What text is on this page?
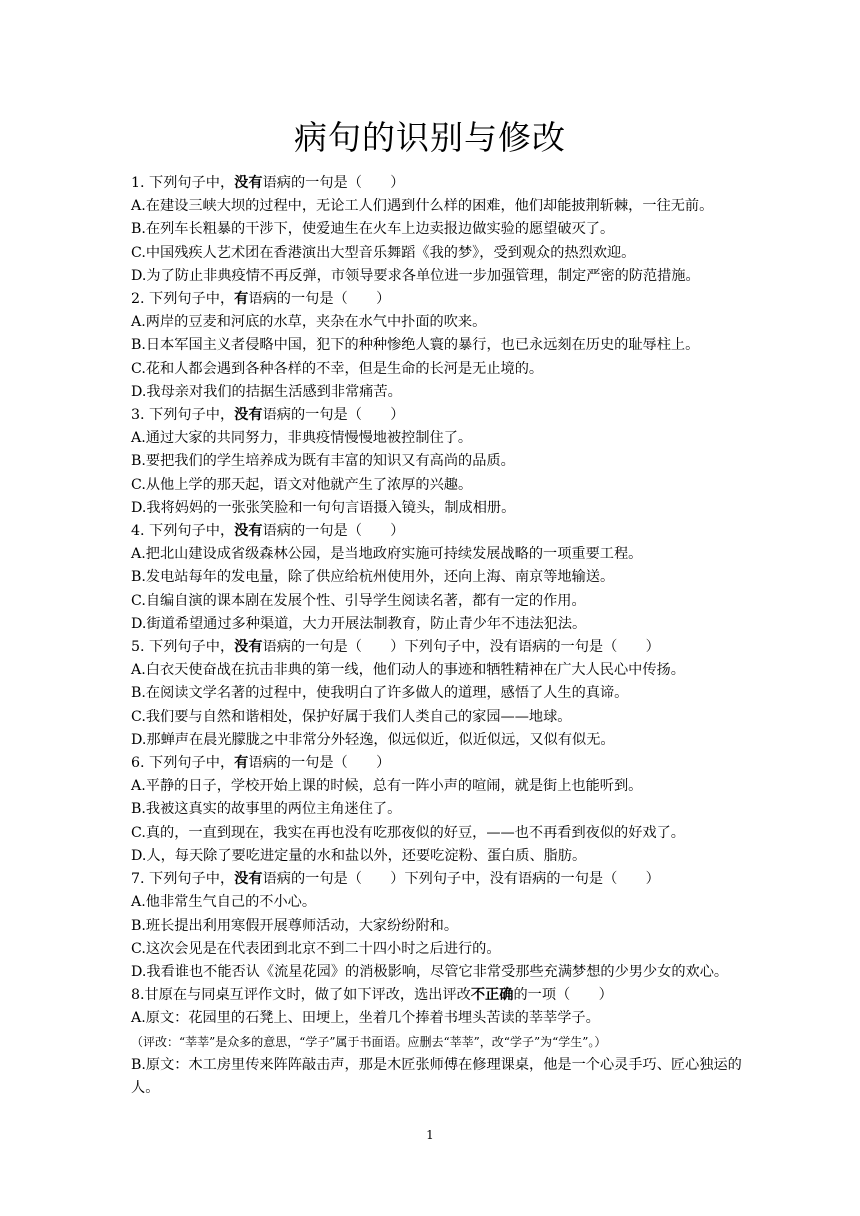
病句的识别与修改
1. 下列句子中，没有语病的一句是（　　）
A.在建设三峡大坝的过程中，无论工人们遇到什么样的困难，他们却能披荆斩棘，一往无前。
B.在列车长粗暴的干涉下，使爱迪生在火车上边卖报边做实验的愿望破灭了。
C.中国残疾人艺术团在香港演出大型音乐舞蹈《我的梦》，受到观众的热烈欢迎。
D.为了防止非典疫情不再反弹，市领导要求各单位进一步加强管理，制定严密的防范措施。
2. 下列句子中，有语病的一句是（　　）
A.两岸的豆麦和河底的水草，夹杂在水气中扑面的吹来。
B.日本军国主义者侵略中国，犯下的种种惨绝人寰的暴行，也已永远刻在历史的耻辱柱上。
C.花和人都会遇到各种各样的不幸，但是生命的长河是无止境的。
D.我母亲对我们的拮据生活感到非常痛苦。
3. 下列句子中，没有语病的一句是（　　）
A.通过大家的共同努力，非典疫情慢慢地被控制住了。
B.要把我们的学生培养成为既有丰富的知识又有高尚的品质。
C.从他上学的那天起，语文对他就产生了浓厚的兴趣。
D.我将妈妈的一张张笑脸和一句句言语摄入镜头，制成相册。
4. 下列句子中，没有语病的一句是（　　）
A.把北山建设成省级森林公园，是当地政府实施可持续发展战略的一项重要工程。
B.发电站每年的发电量，除了供应给杭州使用外，还向上海、南京等地输送。
C.自编自演的课本剧在发展个性、引导学生阅读名著，都有一定的作用。
D.街道希望通过多种渠道，大力开展法制教育，防止青少年不违法犯法。
5. 下列句子中，没有语病的一句是（　　）下列句子中，没有语病的一句是（　　）
A.白衣天使奋战在抗击非典的第一线，他们动人的事迹和牺牲精神在广大人民心中传扬。
B.在阅读文学名著的过程中，使我明白了许多做人的道理，感悟了人生的真谛。
C.我们要与自然和谐相处，保护好属于我们人类自己的家园——地球。
D.那蝉声在晨光朦胧之中非常分外轻逸，似远似近，似近似远，又似有似无。
6. 下列句子中，有语病的一句是（　　）
A.平静的日子，学校开始上课的时候，总有一阵小声的喧闹，就是街上也能听到。
B.我被这真实的故事里的两位主角迷住了。
C.真的，一直到现在，我实在再也没有吃那夜似的好豆，——也不再看到夜似的好戏了。
D.人，每天除了要吃进定量的水和盐以外，还要吃淀粉、蛋白质、脂肪。
7. 下列句子中，没有语病的一句是（　　）下列句子中，没有语病的一句是（　　）
A.他非常生气自己的不小心。
B.班长提出利用寒假开展尊师活动，大家纷纷附和。
C.这次会见是在代表团到北京不到二十四小时之后进行的。
D.我看谁也不能否认《流星花园》的消极影响，尽管它非常受那些充满梦想的少男少女的欢心。
8.甘原在与同桌互评作文时，做了如下评改，选出评改不正确的一项（　　）
A.原文：花园里的石凳上、田埂上，坐着几个捧着书埋头苦读的莘莘学子。
（评改：“莘莘”是众多的意思，“学子”属于书面语。应删去“莘莘”，改“学子”为“学生”。）
B.原文：木工房里传来阵阵敲击声，那是木匠张师傅在修理课桌，他是一个心灵手巧、匠心独运的人。
1
